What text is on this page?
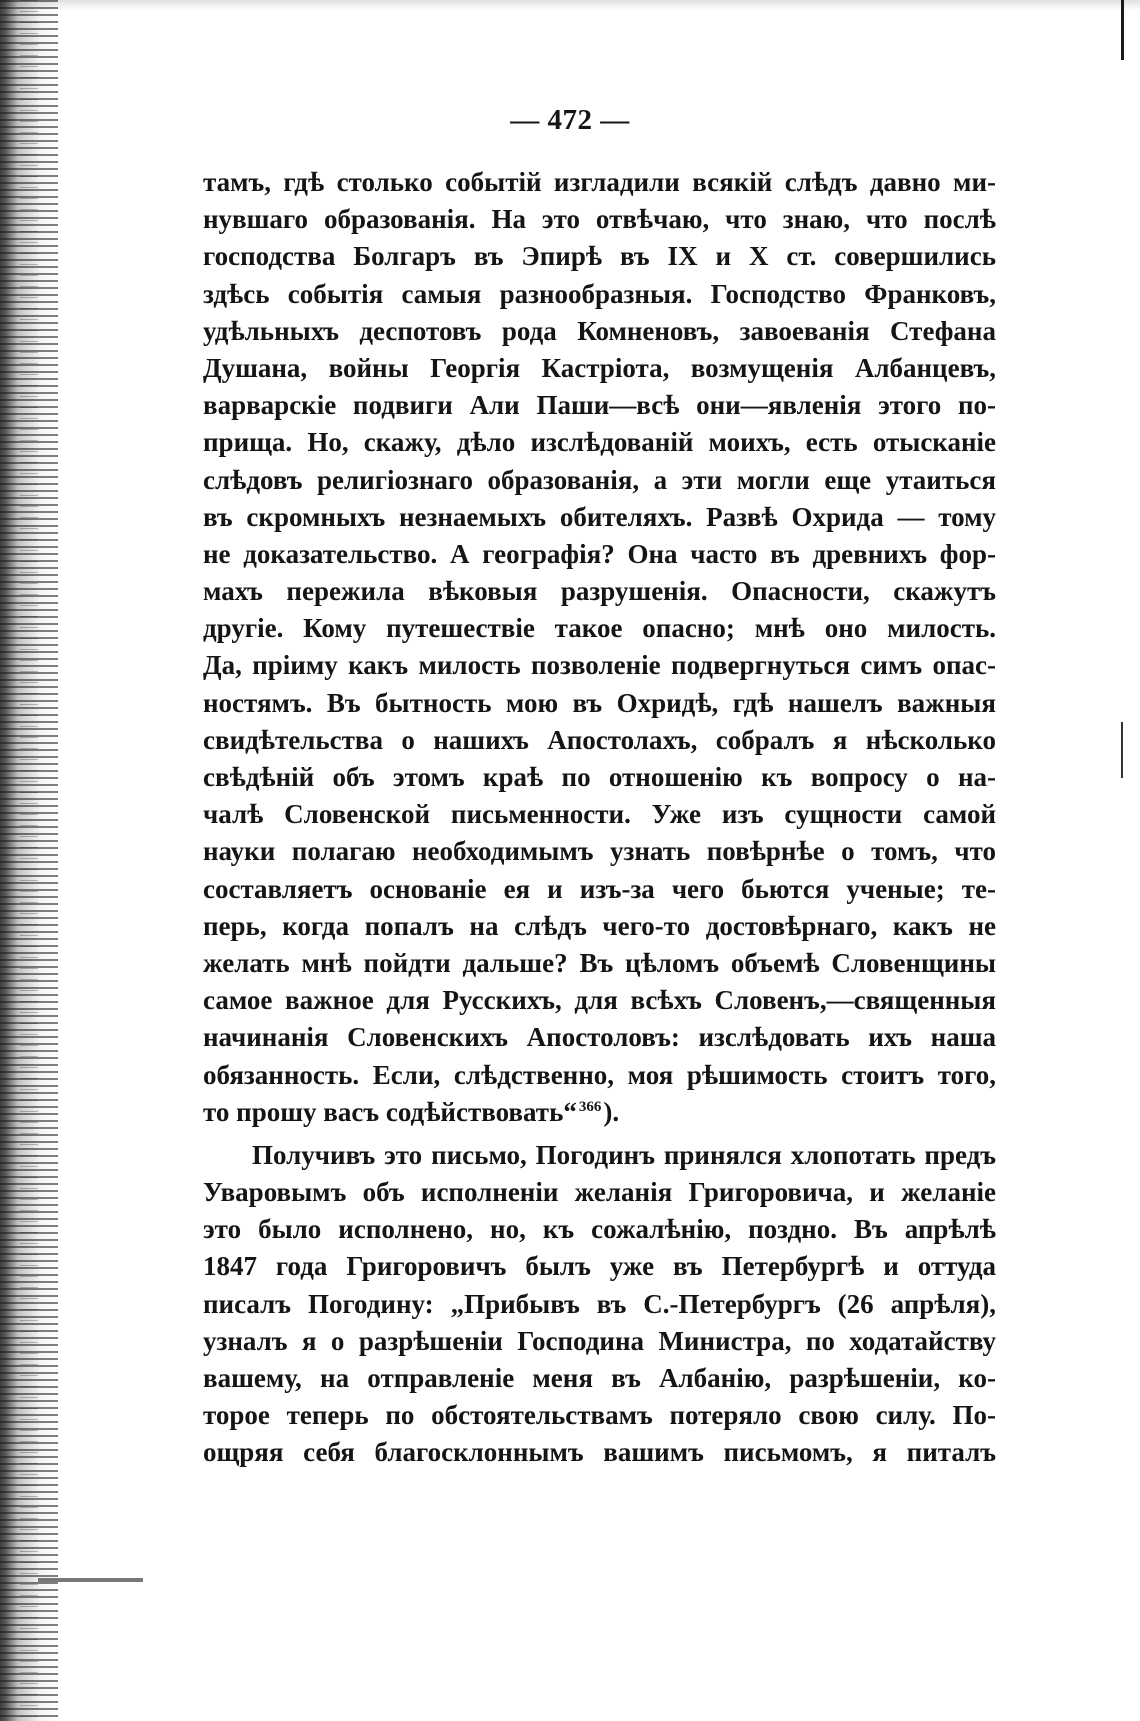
— 472 —
тамъ, гдѣ столько событій изгладили всякій слѣдъ давно ми-
нувшаго образованія. На это отвѣчаю, что знаю, что послѣ
господства Болгаръ въ Эпирѣ въ IX и X ст. совершились
здѣсь событія самыя разнообразныя. Господство Франковъ,
удѣльныхъ деспотовъ рода Комненовъ, завоеванія Стефана
Душана, войны Георгія Кастріота, возмущенія Албанцевъ,
варварскіе подвиги Али Паши—всѣ они—явленія этого по-
прища. Но, скажу, дѣло изслѣдованій моихъ, есть отысканіе
слѣдовъ религіознаго образованія, а эти могли еще утаиться
въ скромныхъ незнаемыхъ обителяхъ. Развѣ Охрида — тому
не доказательство. А географія? Она часто въ древнихъ фор-
махъ пережила вѣковыя разрушенія. Опасности, скажутъ
другіе. Кому путешествіе такое опасно; мнѣ оно милость.
Да, пріиму какъ милость позволеніе подвергнуться симъ опас-
ностямъ. Въ бытность мою въ Охридѣ, гдѣ нашелъ важныя
свидѣтельства о нашихъ Апостолахъ, собралъ я нѣсколько
свѣдѣній объ этомъ краѣ по отношенію къ вопросу о на-
чалѣ Словенской письменности. Уже изъ сущности самой
науки полагаю необходимымъ узнать повѣрнѣе о томъ, что
составляетъ основаніе ея и изъ-за чего бьются ученые; те-
перь, когда попалъ на слѣдъ чего-то достовѣрнаго, какъ не
желать мнѣ пойдти дальше? Въ цѣломъ объемѣ Словенщины
самое важное для Русскихъ, для всѣхъ Словенъ,—священныя
начинанія Словенскихъ Апостоловъ: изслѣдовать ихъ наша
обязанность. Если, слѣдственно, моя рѣшимость стоитъ того,
то прошу васъ содѣйствовать“ $^{366}$).
Получивъ это письмо, Погодинъ принялся хлопотать предъ
Уваровымъ объ исполненіи желанія Григоровича, и желаніе
это было исполнено, но, къ сожалѣнію, поздно. Въ апрѣлѣ
1847 года Григоровичъ былъ уже въ Петербургѣ и оттуда
писалъ Погодину: „Прибывъ въ С.-Петербургъ (26 апрѣля),
узналъ я о разрѣшеніи Господина Министра, по ходатайству
вашему, на отправленіе меня въ Албанію, разрѣшеніи, ко-
торое теперь по обстоятельствамъ потеряло свою силу. По-
ощряя себя благосклоннымъ вашимъ письмомъ, я питалъ
